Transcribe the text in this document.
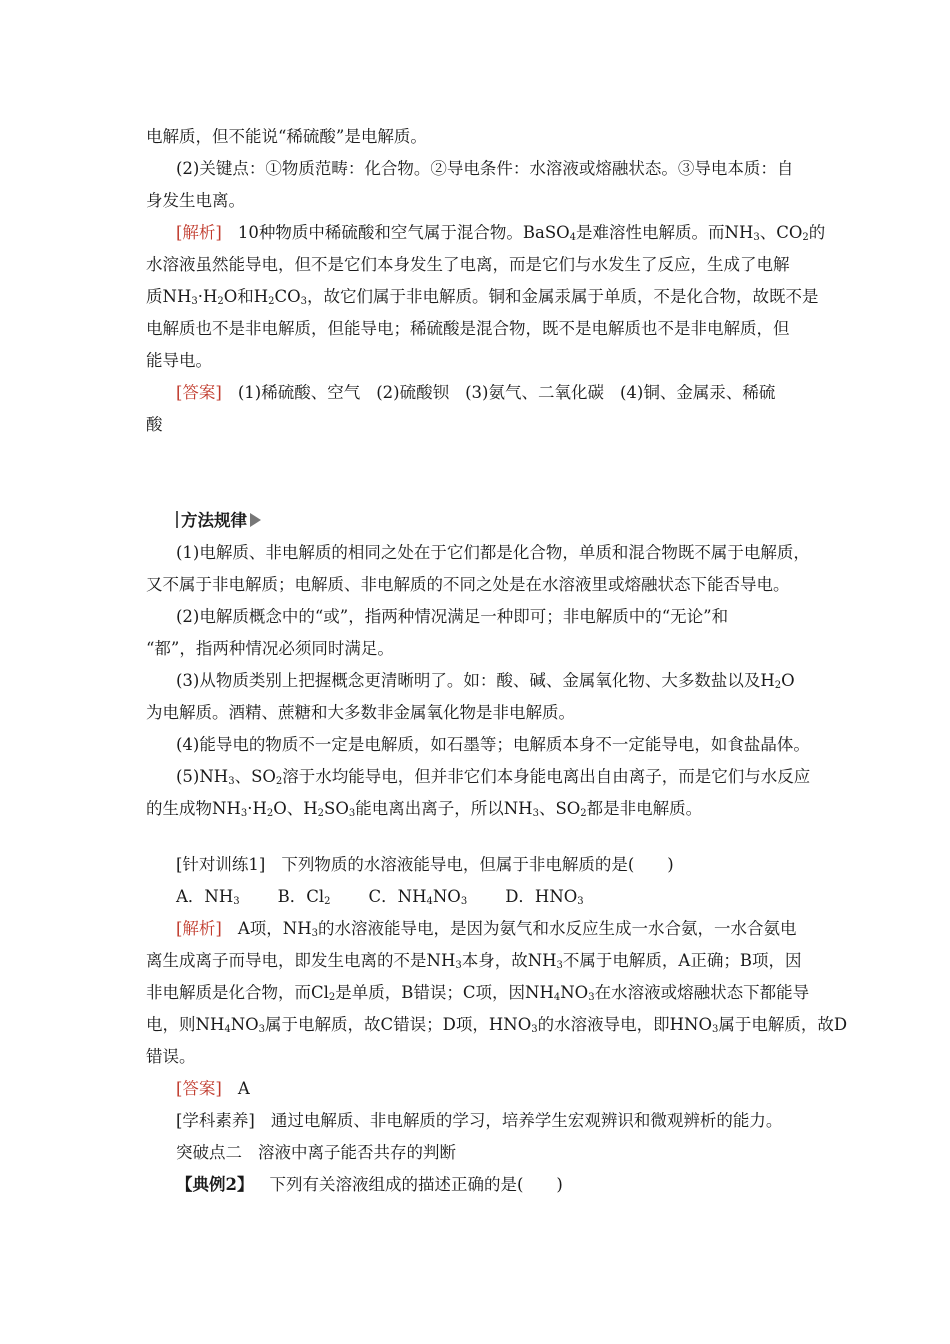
电解质，但不能说“稀硫酸”是电解质。
(2)关键点：①物质范畴：化合物。②导电条件：水溶液或熔融状态。③导电本质：自
身发生电离。
[解析] 10种物质中稀硫酸和空气属于混合物。BaSO$_4$是难溶性电解质。而$NH_3$、$CO_2$的
水溶液虽然能导电，但不是它们本身发生了电离，而是它们与水发生了反应，生成了电解
质$NH_3\cdot H_2O$和$H_2CO_3$，故它们属于非电解质。铜和金属汞属于单质，不是化合物，故既不是
电解质也不是非电解质，但能导电；稀硫酸是混合物，既不是电解质也不是非电解质，但
能导电。
[答案] (1)稀硫酸、空气 (2)硫酸钡 (3)氨气、二氧化碳 (4)铜、金属汞、稀硫
酸
方法规律
(1)电解质、非电解质的相同之处在于它们都是化合物，单质和混合物既不属于电解质，
又不属于非电解质；电解质、非电解质的不同之处是在水溶液里或熔融状态下能否导电。
(2)电解质概念中的“或”，指两种情况满足一种即可；非电解质中的“无论”和
“都”，指两种情况必须同时满足。
(3)从物质类别上把握概念更清晰明了。如：酸、碱、金属氧化物、大多数盐以及$H_2O$
为电解质。酒精、蔗糖和大多数非金属氧化物是非电解质。
(4)能导电的物质不一定是电解质，如石墨等；电解质本身不一定能导电，如食盐晶体。
$(5)NH_3$、$SO_2$溶于水均能导电，但并非它们本身能电离出自由离子，而是它们与水反应
的生成物$NH_3\cdot H_2O$、$H_2SO_3$能电离出离子，所以$NH_3$、$SO_2$都是非电解质。
[针对训练1] 下列物质的水溶液能导电，但属于非电解质的是(　　)
A．$NH_3$ B．$Cl_2$ C．$NH_4NO_3$ D．$HNO_3$
[解析] A项，$NH_3$的水溶液能导电，是因为氨气和水反应生成一水合氨，一水合氨电
离生成离子而导电，即发生电离的不是$NH_3$本身，故$NH_3$不属于电解质，A正确；B项，因
非电解质是化合物，而$Cl_2$是单质，B错误；C项，因$NH_4NO_3$在水溶液或熔融状态下都能导
电，则$NH_4NO_3$属于电解质，故C错误；D项，$HNO_3$的水溶液导电，即$HNO_3$属于电解质，故D
错误。
[答案] A
[学科素养] 通过电解质、非电解质的学习，培养学生宏观辨识和微观辨析的能力。
突破点二 溶液中离子能否共存的判断
【典例2】 下列有关溶液组成的描述正确的是(　　)
